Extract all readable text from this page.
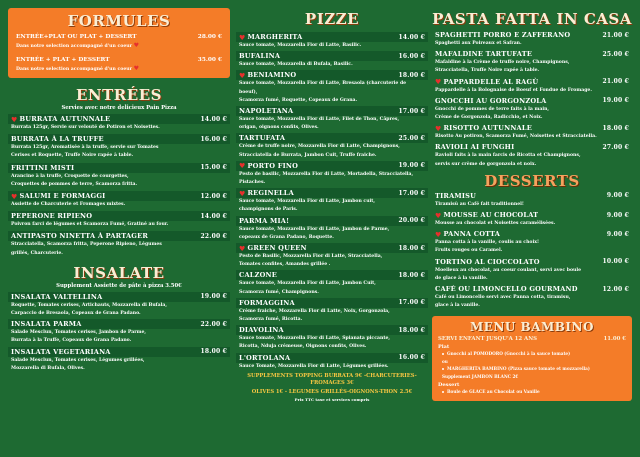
FORMULES
ENTRÉE+PLAT OU PLAT + DESSERT	28.00 €
Dans notre selection accompagné d'un coeur ♥
ENTRÉE + PLAT + DESSERT	35.00 €
Dans notre selection accompagné d'un coeur ♥
ENTRÉES
Servies avec notre delicieux Pain Pizza
♥ BURRATA AUTUNNALE	14.00 €
Burrata 125gr, Servie sur velouté de Potiron et Noisettes.
BURRATA À LA TRUFFE	16.00 €
Burrata 125gr, Aromatisée à la truffe, servie sur Tomates
Cerises et Roquette, Truffe Noire rapée à table.
FRITTINI MISTI	15.00 €
Arancine à la truffe, Croquette de courgettes,
Croquettes de pommes de terre, Scamorza fritta.
♥ SALUMI E FORMAGGI	12.00 €
Assiette de Charcuterie et Fromages mixtes.
PEPERONE RIPIENO	14.00 €
Poivron farci de légumes et Scamorza Fumé, Gratiné au four.
ANTIPASTO NINETTA À PARTAGER	22.00 €
Stracciatella, Scamorza fritta, Peperone Ripieno, Légumes
grillés, Charcuterie.
INSALATE
Supplement Assiette de pâte à pizza 3.50€
INSALATA VALTELLINA	19.00 €
Roquette, Tomates cerises, Artichauts, Mozzarella di Bufala,
Carpaccio de Bresaola, Copeaux de Grana Padano.
INSALATA PARMA	22.00 €
Salade Mesclun, Tomates cerises, Jambon de Parme,
Burrata à la Truffe, Copeaux de Grana Padano.
INSALATA VEGETARIANA	18.00 €
Salade Mesclun, Tomates cerises, Légumes grillées,
Mozzarella di Bufala, Olives.
PIZZE
♥ MARGHERITA	14.00 €
Sauce tomate, Mozzarella Fior di Latte, Basilic.
BUFALINA	16.00 €
Sauce tomate, Mozzarella di Bufala, Basilic.
♥ BENIAMINO	18.00 €
Sauce tomate, Mozzarella Fior di Latte, Bresaola (charcuterie de boeuf),
Scamorza fumé, Roquette, Copeaux de Grana.
NAPOLETANA	17.00 €
Sauce tomate, Mozzarella Fior di Latte, Filet de Thon, Câpres,
origan, oignons confits, Olives.
TARTUFATA	25.00 €
Crème de truffe noire, Mozzarella Fior di Latte, Champignons,
Stracciatella de Burrata, Jambon Cuit, Truffe fraiche.
♥ PORTO FINO	19.00 €
Pesto de basilic, Mozzarella Fior di Latte, Mortadella, Stracciatella,
Pistaches.
♥ REGINELLA	17.00 €
Sauce tomate, Mozzarella Fior di Latte, Jambon cuit,
champignons de Paris.
PARMA MIA!	20.00 €
Sauce tomate, Mozzarella Fior di Latte, Jambon de Parme,
copeaux de Grana Padano, Roquette.
♥ GREEN QUEEN	18.00 €
Pesto de Basilic, Mozzarella Fior di Latte, Stracciatella,
Tomates confites, Amandes grillée .
CALZONE	18.00 €
Sauce tomate, Mozzarella Fior di Latte, Jambon Cuit,
Scamorza fumé, Champignons.
FORMAGGINA	17.00 €
Crème fraiche, Mozzarella Fior di Latte, Noix, Gorgonzola,
Scamorza fumé, Ricotta.
DIAVOLINA	18.00 €
Sauce tomate, Mozzarella Fior di Latte, Spianata piccante,
Ricotta, Nduja crémeuse, Oignons confits, Olives.
L'ORTOLANA	16.00 €
Sauce Tomate, Mozzarella Fior di Latte, Légumes grillées.
SUPPLEMENTS TOPPING BURRATA 9€ -CHARCUTERIES-FROMAGES 3€
OLIVES 1€ - LEGUMES GRILLÉS-OIGNONS-THON 2.5€
Prix TTC taxe et services compris
PASTA FATTA IN CASA
SPAGHETTI PORRO E ZAFFERANO	21.00 €
Spaghetti aux Poireaux et Safran.
MAFALDINE TARTUFATE	25.00 €
Mafaldine à la Crème de truffe noire, Champignons,
Stracciatella, Truffe Noire rapée à table.
♥ PAPPARDELLE AL RAGÙ	21.00 €
Pappardelle à la Bolognaise de Boeuf et Fondue de Fromage.
GNOCCHI AU GORGONZOLA	19.00 €
Gnocchi de pommes de terre faits à la main,
Crème de Gorgonzola, Radicchio, et Noix.
♥ RISOTTO AUTUNNALE	18.00 €
Risotto Au potiron, Scamorza Fumé, Noisettes et Stracciatella.
RAVIOLI AI FUNGHI	27.00 €
Ravioli faits à la main farcis de Ricotta et Champignons,
servis sur crème de gorgonzola et noix.
DESSERTS
TIRAMISU	9.00 €
Tiramisù au Café fait traditionnel!
♥ MOUSSE AU CHOCOLAT	9.00 €
Mousse au chocolat et Noisettes caramélisées.
♥ PANNA COTTA	9.00 €
Panna cotta à la vanille, coulis au choix!
Fruits rouges ou Caramel.
TORTINO AL CIOCCOLATO	10.00 €
Moelleux au chocolat, au coeur coulant, servi avec boule
de glace à la vanille.
CAFÉ OU LIMONCELLO GOURMAND	12.00 €
Café ou Limoncello servi avec Panna cotta, tiramisu,
glace à la vanille.
MENU BAMBINO
SERVI ENFANT JUSQU'A 12 ANS	11.00 €
Plat
Gnocchi al POMODORO (Gnocchi à la sauce tomate)
ou
MARGHERITA BAMBINO (Pizza sauce tomate et mozzarella)
Supplement JAMBON BLANC 2€
Dessert
Boule de GLACE au Chocolat ou Vanille
